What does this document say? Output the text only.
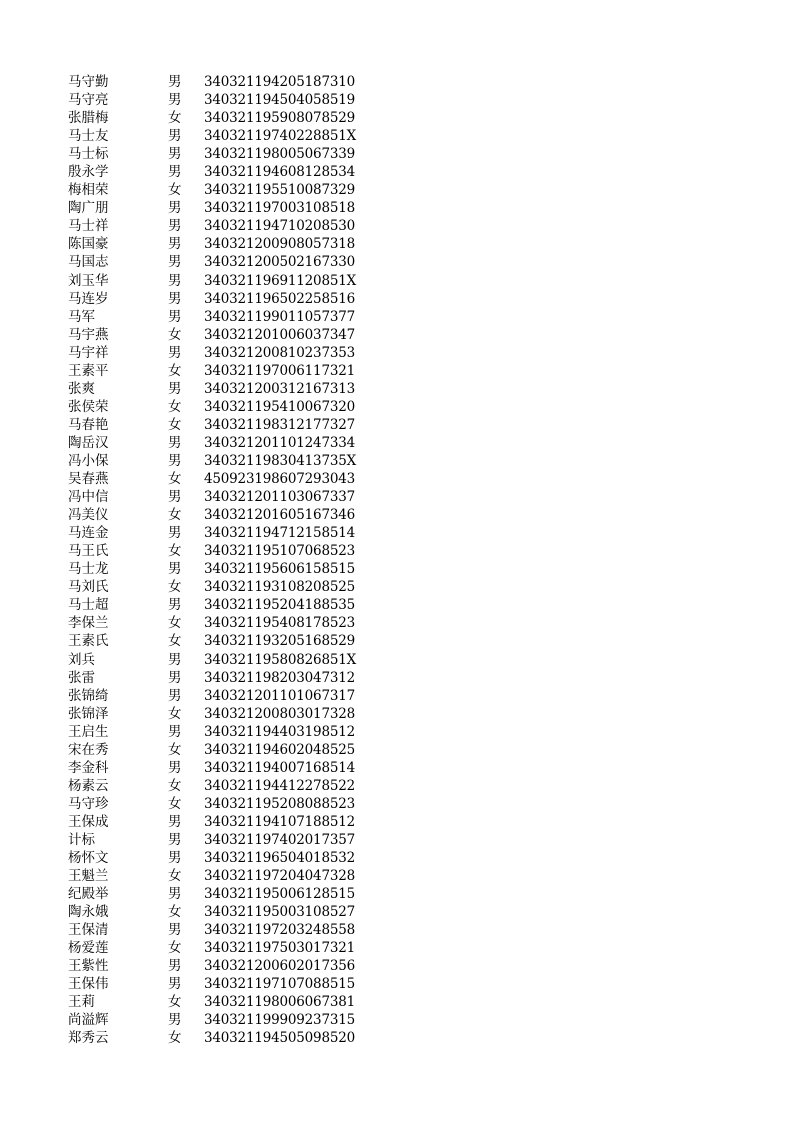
马守勤	男 340321194205187310
马守亮	男 340321194504058519
张腊梅	女 340321195908078529
马士友	男 34032119740228851X
马士标	男 340321198005067339
殷永学	男 340321194608128534
梅相荣	女 340321195510087329
陶广朋	男 340321197003108518
马士祥	男 340321194710208530
陈国豪	男 340321200908057318
马国志	男 340321200502167330
刘玉华	男 34032119691120851X
马连岁	男 340321196502258516
马军	男 340321199011057377
马宇燕	女 340321201006037347
马宇祥	男 340321200810237353
王素平	女 340321197006117321
张爽	男 340321200312167313
张侯荣	女 340321195410067320
马春艳	女 340321198312177327
陶岳汉	男 340321201101247334
冯小保	男 34032119830413735X
吴春燕	女 450923198607293043
冯中信	男 340321201103067337
冯美仪	女 340321201605167346
马连金	男 340321194712158514
马王氏	女 340321195107068523
马士龙	男 340321195606158515
马刘氏	女 340321193108208525
马士超	男 340321195204188535
李保兰	女 340321195408178523
王素氏	女 340321193205168529
刘兵	男 34032119580826851X
张雷	男 340321198203047312
张锦绮	男 340321201101067317
张锦泽	女 340321200803017328
王启生	男 340321194403198512
宋在秀	女 340321194602048525
李金科	男 340321194007168514
杨素云	女 340321194412278522
马守珍	女 340321195208088523
王保成	男 340321194107188512
计标	男 340321197402017357
杨怀文	男 340321196504018532
王魁兰	女 340321197204047328
纪殿举	男 340321195006128515
陶永娥	女 340321195003108527
王保清	男 340321197203248558
杨爱莲	女 340321197503017321
王紫性	男 340321200602017356
王保伟	男 340321197107088515
王莉	女 340321198006067381
尚溢辉	男 340321199909237315
郑秀云	女 340321194505098520
